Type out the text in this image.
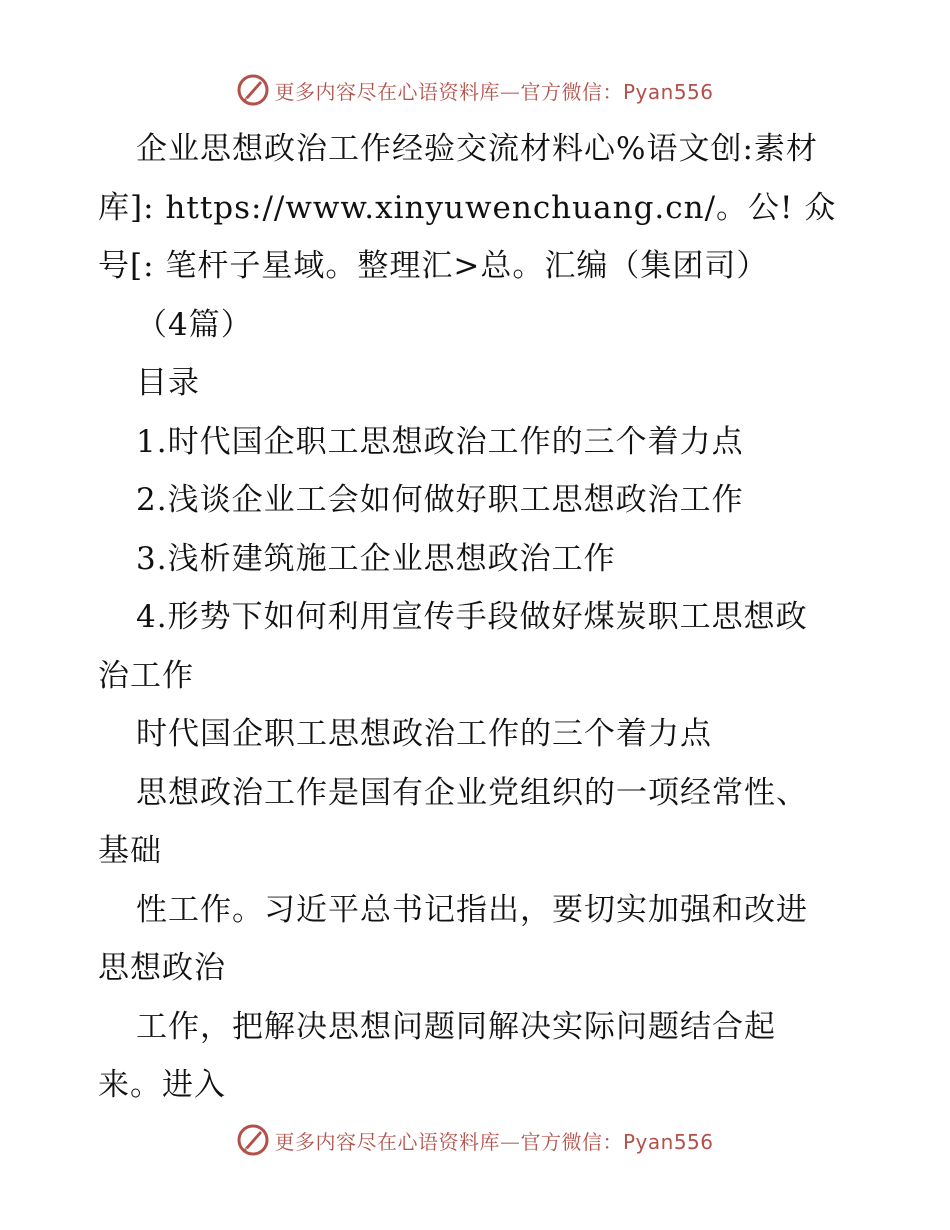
更多内容尽在心语资料库—官方微信：Pyan556
企业思想政治工作经验交流材料心%语文创:素材
库]: https://www.xinyuwenchuang.cn/。公! 众
号[: 笔杆子星域。整理汇>总。汇编（集团司）
（4篇）
目录
1.时代国企职工思想政治工作的三个着力点
2.浅谈企业工会如何做好职工思想政治工作
3.浅析建筑施工企业思想政治工作
4.形势下如何利用宣传手段做好煤炭职工思想政
治工作
时代国企职工思想政治工作的三个着力点
思想政治工作是国有企业党组织的一项经常性、
基础
性工作。习近平总书记指出，要切实加强和改进
思想政治
工作，把解决思想问题同解决实际问题结合起
来。进入
更多内容尽在心语资料库—官方微信：Pyan556
